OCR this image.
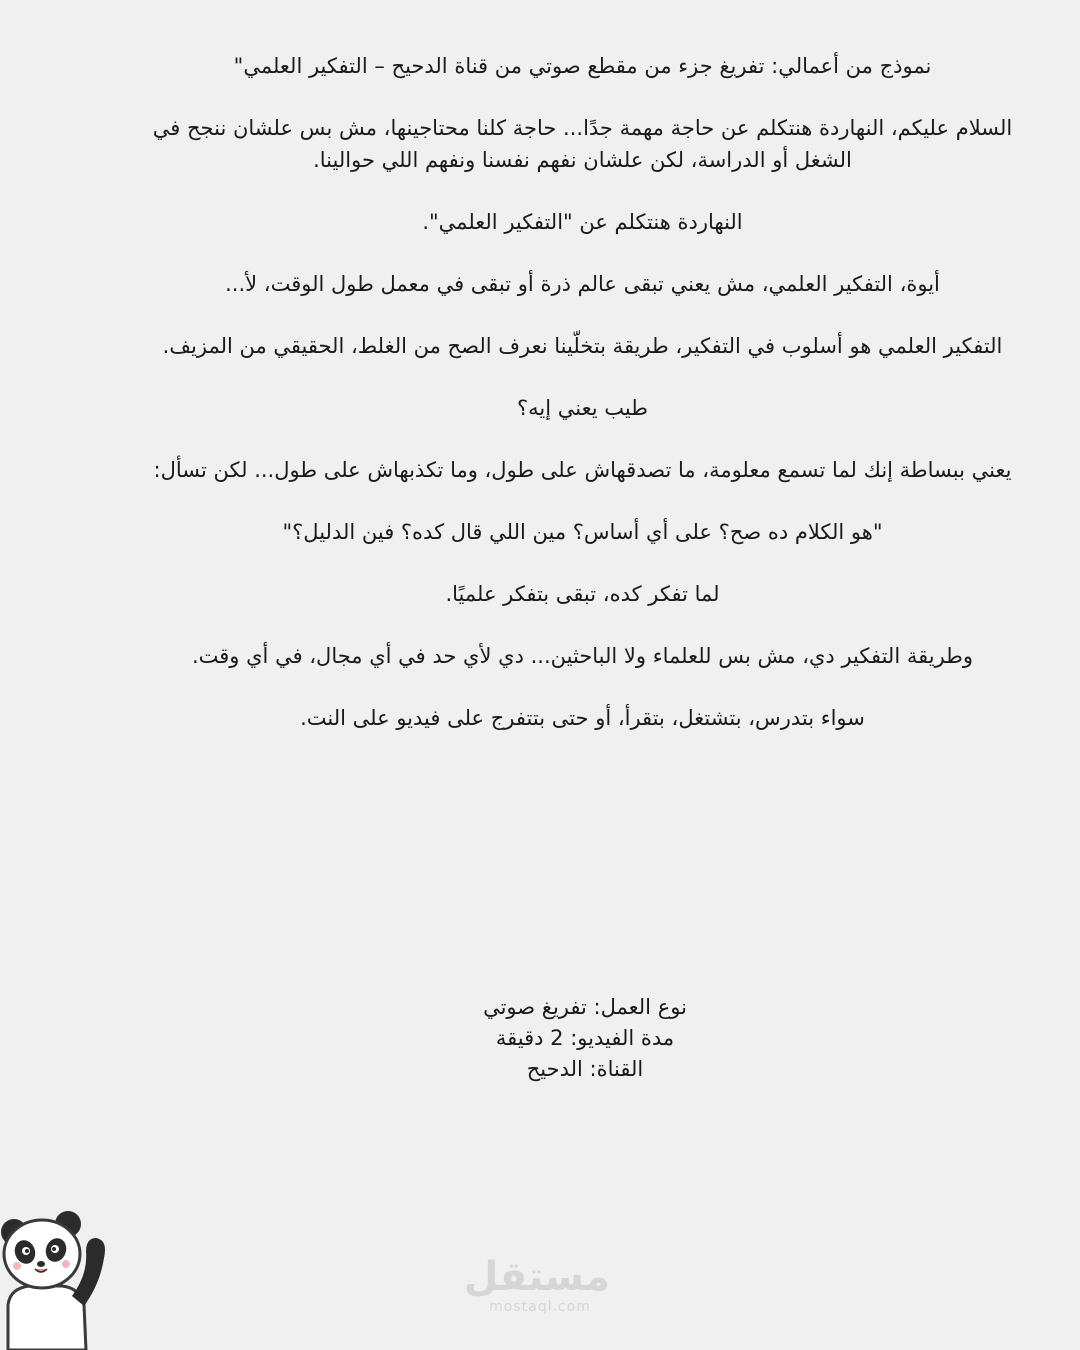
نموذج من أعمالي: تفريغ جزء من مقطع صوتي من قناة الدحيح – التفكير العلمي"

السلام عليكم، النهاردة هنتكلم عن حاجة مهمة جدًا... حاجة كلنا محتاجينها، مش بس علشان ننجح في الشغل أو الدراسة، لكن علشان نفهم نفسنا ونفهم اللي حوالينا.

النهاردة هنتكلم عن "التفكير العلمي".

أيوة، التفكير العلمي، مش يعني تبقى عالم ذرة أو تبقى في معمل طول الوقت، لأ...

التفكير العلمي هو أسلوب في التفكير، طريقة بتخلّينا نعرف الصح من الغلط، الحقيقي من المزيف.

طيب يعني إيه؟

يعني ببساطة إنك لما تسمع معلومة، ما تصدقهاش على طول، وما تكذبهاش على طول... لكن تسأل:

"هو الكلام ده صح؟ على أي أساس؟ مين اللي قال كده؟ فين الدليل؟"

لما تفكر كده، تبقى بتفكر علميًا.

وطريقة التفكير دي، مش بس للعلماء ولا الباحثين... دي لأي حد في أي مجال، في أي وقت.

سواء بتدرس، بتشتغل، بتقرأ، أو حتى بتتفرج على فيديو على النت.

نوع العمل: تفريغ صوتي
مدة الفيديو: 2 دقيقة
القناة: الدحيح
مستقل
mostaql.com
